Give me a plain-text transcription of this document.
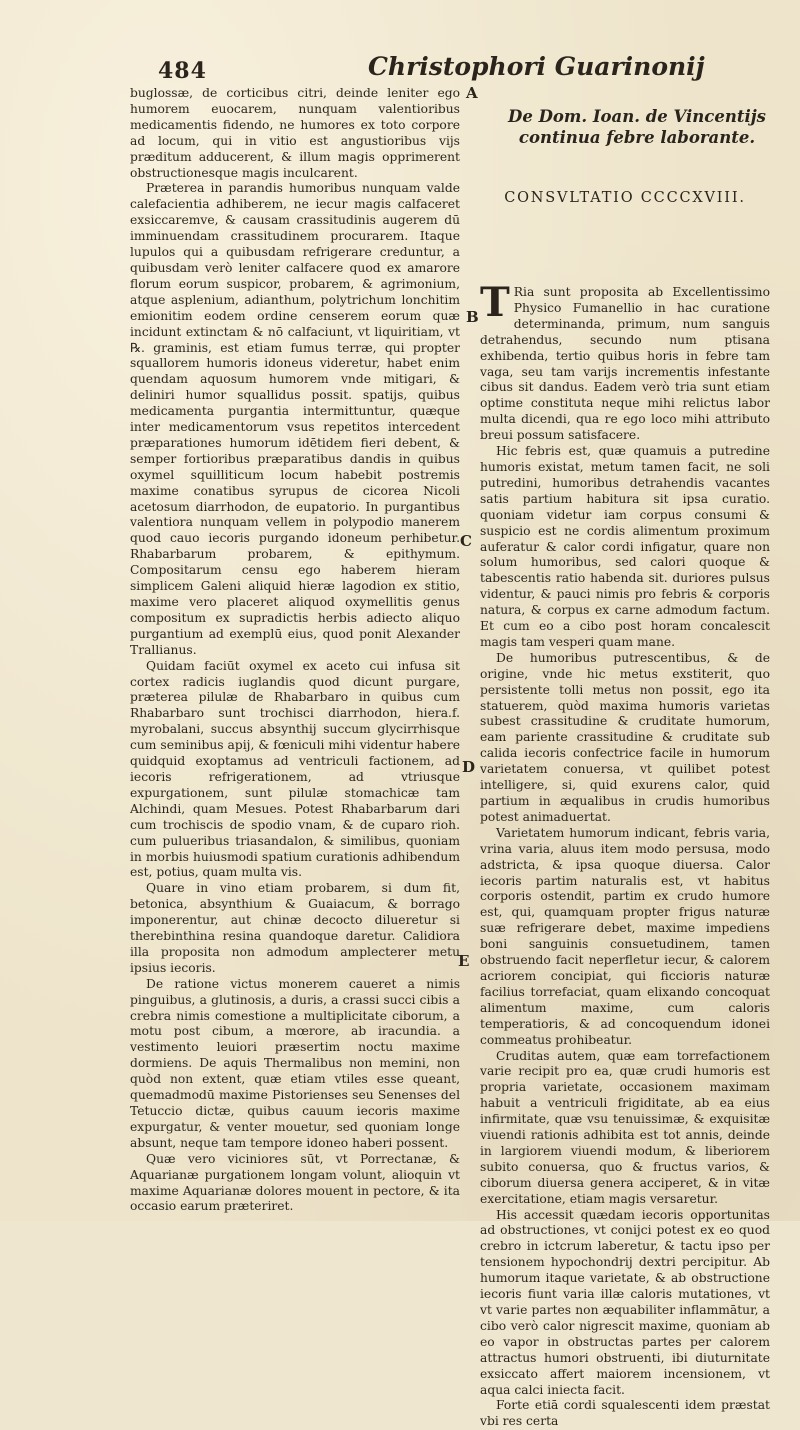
484	Christophori Guarinonij

buglossæ, de corticibus citri, deinde leniter ego humorem euocarem, nunquam valentioribus medicamentis fidendo, ne humores ex toto corpore ad locum, qui in vitio est angustioribus vijs præditum adducerent, & illum magis opprimerent obstructionesque magis inculcarent.

Præterea in parandis humoribus nunquam valde calefacientia adhiberem, ne iecur magis calfaceret exsiccaremve, & causam crassitudinis augerem dū imminuendam crassitudinem procurarem. Itaque lupulos qui a quibusdam refrigerare creduntur, a quibusdam verò leniter calfacere quod ex amarore florum eorum suspicor, probarem, & agrimonium, atque asplenium, adianthum, polytrichum lonchitim emionitim eodem ordine censerem eorum quæ incidunt extinctam & nō calfaciunt, vt liquiritiam, vt ℞. graminis, est etiam fumus terræ, qui propter squallorem humoris idoneus videretur, habet enim quendam aquosum humorem vnde mitigari, & deliniri humor squallidus possit. spatijs, quibus medicamenta purgantia intermittuntur, quæque inter medicamentorum vsus repetitos intercedent præparationes humorum idētidem fieri debent, & semper fortioribus præparatibus dandis in quibus oxymel squilliticum locum habebit postremis maxime conatibus syrupus de cicorea Nicoli acetosum diarrhodon, de eupatorio. In purgantibus valentiora nunquam vellem in polypodio manerem quod cauo iecoris purgando idoneum perhibetur. Rhabarbarum probarem, & epithymum. Compositarum censu ego haberem hieram simplicem Galeni aliquid hieræ lagodion ex stitio, maxime vero placeret aliquod oxymellitis genus compositum ex supradictis herbis adiecto aliquo purgantium ad exemplū eius, quod ponit Alexander Trallianus.

Quidam faciūt oxymel ex aceto cui infusa sit cortex radicis iuglandis quod dicunt purgare, præterea pilulæ de Rhabarbaro in quibus cum Rhabarbaro sunt trochisci diarrhodon, hiera.f. myrobalani, succus absynthij succum glycirrhisque cum seminibus apij, & fœniculi mihi videntur habere quidquid exoptamus ad ventriculi factionem, ad iecoris refrigerationem, ad vtriusque expurgationem, sunt pilulæ stomachicæ tam Alchindi, quam Mesues. Potest Rhabarbarum dari cum trochiscis de spodio vnam, & de cuparo rioh. cum pulueribus triasandalon, & similibus, quoniam in morbis huiusmodi spatium curationis adhibendum est, potius, quam multa vis.

Quare in vino etiam probarem, si dum fit, betonica, absynthium & Guaiacum, & borrago imponerentur, aut chinæ decocto dilueretur si therebinthina resina quandoque daretur. Calidiora illa proposita non admodum amplecterer metu ipsius iecoris.

De ratione victus monerem caueret a nimis pinguibus, a glutinosis, a duris, a crassi succi cibis a crebra nimis comestione a multiplicitate ciborum, a motu post cibum, a mœrore, ab iracundia. a vestimento leuiori præsertim noctu maxime dormiens. De aquis Thermalibus non memini, non quòd non extent, quæ etiam vtiles esse queant, quemadmodū maxime Pistorienses seu Senenses del Tetuccio dictæ, quibus cauum iecoris maxime expurgatur, & venter mouetur, sed quoniam longe absunt, neque tam tempore idoneo haberi possent.

Quæ vero viciniores sūt, vt Porrectanæ, & Aquarianæ purgationem longam volunt, alioquin vt maxime Aquarianæ dolores mouent in pectore, & ita occasio earum præteriret.

A
B
C
D
E
De Dom. Ioan. de Vincentijs continua febre laborante.
CONSVLTATIO CCCCXVIII.

T Ria sunt proposita ab Excellentissimo Physico Fumanellio in hac curatione determinanda, primum, num sanguis detrahendus, secundo num ptisana exhibenda, tertio quibus horis in febre tam vaga, seu tam varijs incrementis infestante cibus sit dandus. Eadem verò tria sunt etiam optime constituta neque mihi relictus labor multa dicendi, qua re ego loco mihi attributo breui possum satisfacere.

Hic febris est, quæ quamuis a putredine humoris existat, metum tamen facit, ne soli putredini, humoribus detrahendis vacantes satis partium habitura sit ipsa curatio. quoniam videtur iam corpus consumi & suspicio est ne cordis alimentum proximum auferatur & calor cordi infigatur, quare non solum humoribus, sed calori quoque & tabescentis ratio habenda sit. duriores pulsus videntur, & pauci nimis pro febris & corporis natura, & corpus ex carne admodum factum. Et cum eo a cibo post horam concalescit magis tam vesperi quam mane.

De humoribus putrescentibus, & de origine, vnde hic metus exstiterit, quo persistente tolli metus non possit, ego ita statuerem, quòd maxima humoris varietas subest crassitudine & cruditate humorum, eam pariente crassitudine & cruditate sub calida iecoris confectrice facile in humorum varietatem conuersa, vt quilibet potest intelligere, si, quid exurens calor, quid partium in æqualibus in crudis humoribus potest animaduertat.

Varietatem humorum indicant, febris varia, vrina varia, aluus item modo persusa, modo adstricta, & ipsa quoque diuersa. Calor iecoris partim naturalis est, vt habitus corporis ostendit, partim ex crudo humore est, qui, quamquam propter frigus naturæ suæ refrigerare debet, maxime impediens boni sanguinis consuetudinem, tamen obstruendo facit neperfletur iecur, & calorem acriorem concipiat, qui ficcioris naturæ facilius torrefaciat, quam elixando concoquat alimentum maxime, cum caloris temperatioris, & ad concoquendum idonei commeatus prohibeatur.

Cruditas autem, quæ eam torrefactionem varie recipit pro ea, quæ crudi humoris est propria varietate, occasionem maximam habuit a ventriculi frigiditate, ab ea eius infirmitate, quæ vsu tenuissimæ, & exquisitæ viuendi rationis adhibita est tot annis, deinde in largiorem viuendi modum, & liberiorem subito conuersa, quo & fructus varios, & ciborum diuersa genera acciperet, & in vitæ exercitatione, etiam magis versaretur.

His accessit quædam iecoris opportunitas ad obstructiones, vt conijci potest ex eo quod crebro in ictcrum laberetur, & tactu ipso per tensionem hypochondrij dextri percipitur. Ab humorum itaque varietate, & ab obstructione iecoris fiunt varia illæ caloris mutationes, vt vt varie partes non æquabiliter inflammātur, a cibo verò calor nigrescit maxime, quoniam ab eo vapor in obstructas partes per calorem attractus humori obstruenti, ibi diuturnitate exsiccato affert maiorem incensionem, vt aqua calci iniecta facit.

Forte etiā cordi squalescenti idem præstat vbi res certa
